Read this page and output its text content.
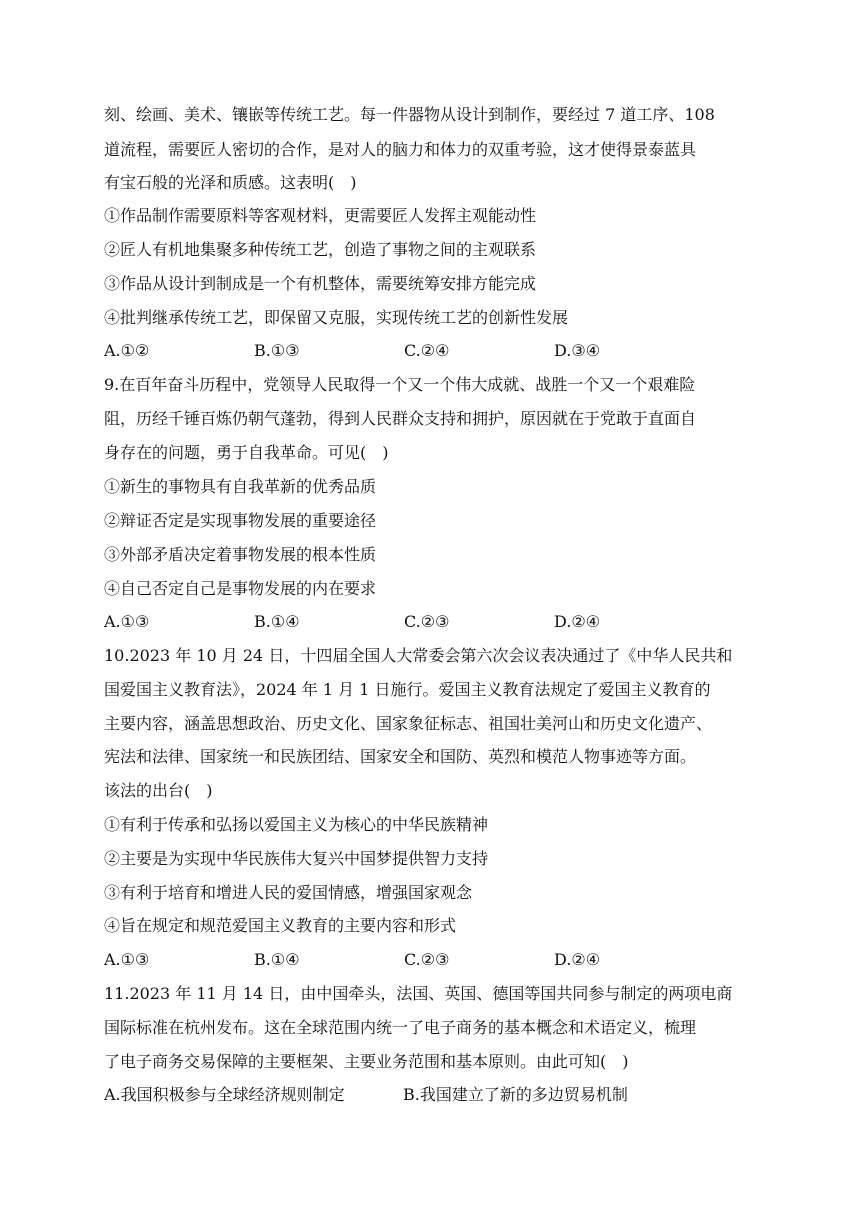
刻、绘画、美术、镶嵌等传统工艺。每一件器物从设计到制作，要经过 7 道工序、108
道流程，需要匠人密切的合作，是对人的脑力和体力的双重考验，这才使得景泰蓝具
有宝石般的光泽和质感。这表明(　)
①作品制作需要原料等客观材料，更需要匠人发挥主观能动性
②匠人有机地集聚多种传统工艺，创造了事物之间的主观联系
③作品从设计到制成是一个有机整体，需要统筹安排方能完成
④批判继承传统工艺，即保留又克服，实现传统工艺的创新性发展
A.①②	B.①③	C.②④	D.③④
9.在百年奋斗历程中，党领导人民取得一个又一个伟大成就、战胜一个又一个艰难险
阻，历经千锤百炼仍朝气蓬勃，得到人民群众支持和拥护，原因就在于党敢于直面自
身存在的问题，勇于自我革命。可见(　)
①新生的事物具有自我革新的优秀品质
②辩证否定是实现事物发展的重要途径
③外部矛盾决定着事物发展的根本性质
④自己否定自己是事物发展的内在要求
A.①③	B.①④	C.②③	D.②④
10.2023 年 10 月 24 日，十四届全国人大常委会第六次会议表决通过了《中华人民共和
国爱国主义教育法》，2024 年 1 月 1 日施行。爱国主义教育法规定了爱国主义教育的
主要内容，涵盖思想政治、历史文化、国家象征标志、祖国壮美河山和历史文化遗产、
宪法和法律、国家统一和民族团结、国家安全和国防、英烈和模范人物事迹等方面。
该法的出台(　)
①有利于传承和弘扬以爱国主义为核心的中华民族精神
②主要是为实现中华民族伟大复兴中国梦提供智力支持
③有利于培育和增进人民的爱国情感，增强国家观念
④旨在规定和规范爱国主义教育的主要内容和形式
A.①③	B.①④	C.②③	D.②④
11.2023 年 11 月 14 日，由中国牵头，法国、英国、德国等国共同参与制定的两项电商
国际标准在杭州发布。这在全球范围内统一了电子商务的基本概念和术语定义，梳理
了电子商务交易保障的主要框架、主要业务范围和基本原则。由此可知(　)
A.我国积极参与全球经济规则制定	B.我国建立了新的多边贸易机制
